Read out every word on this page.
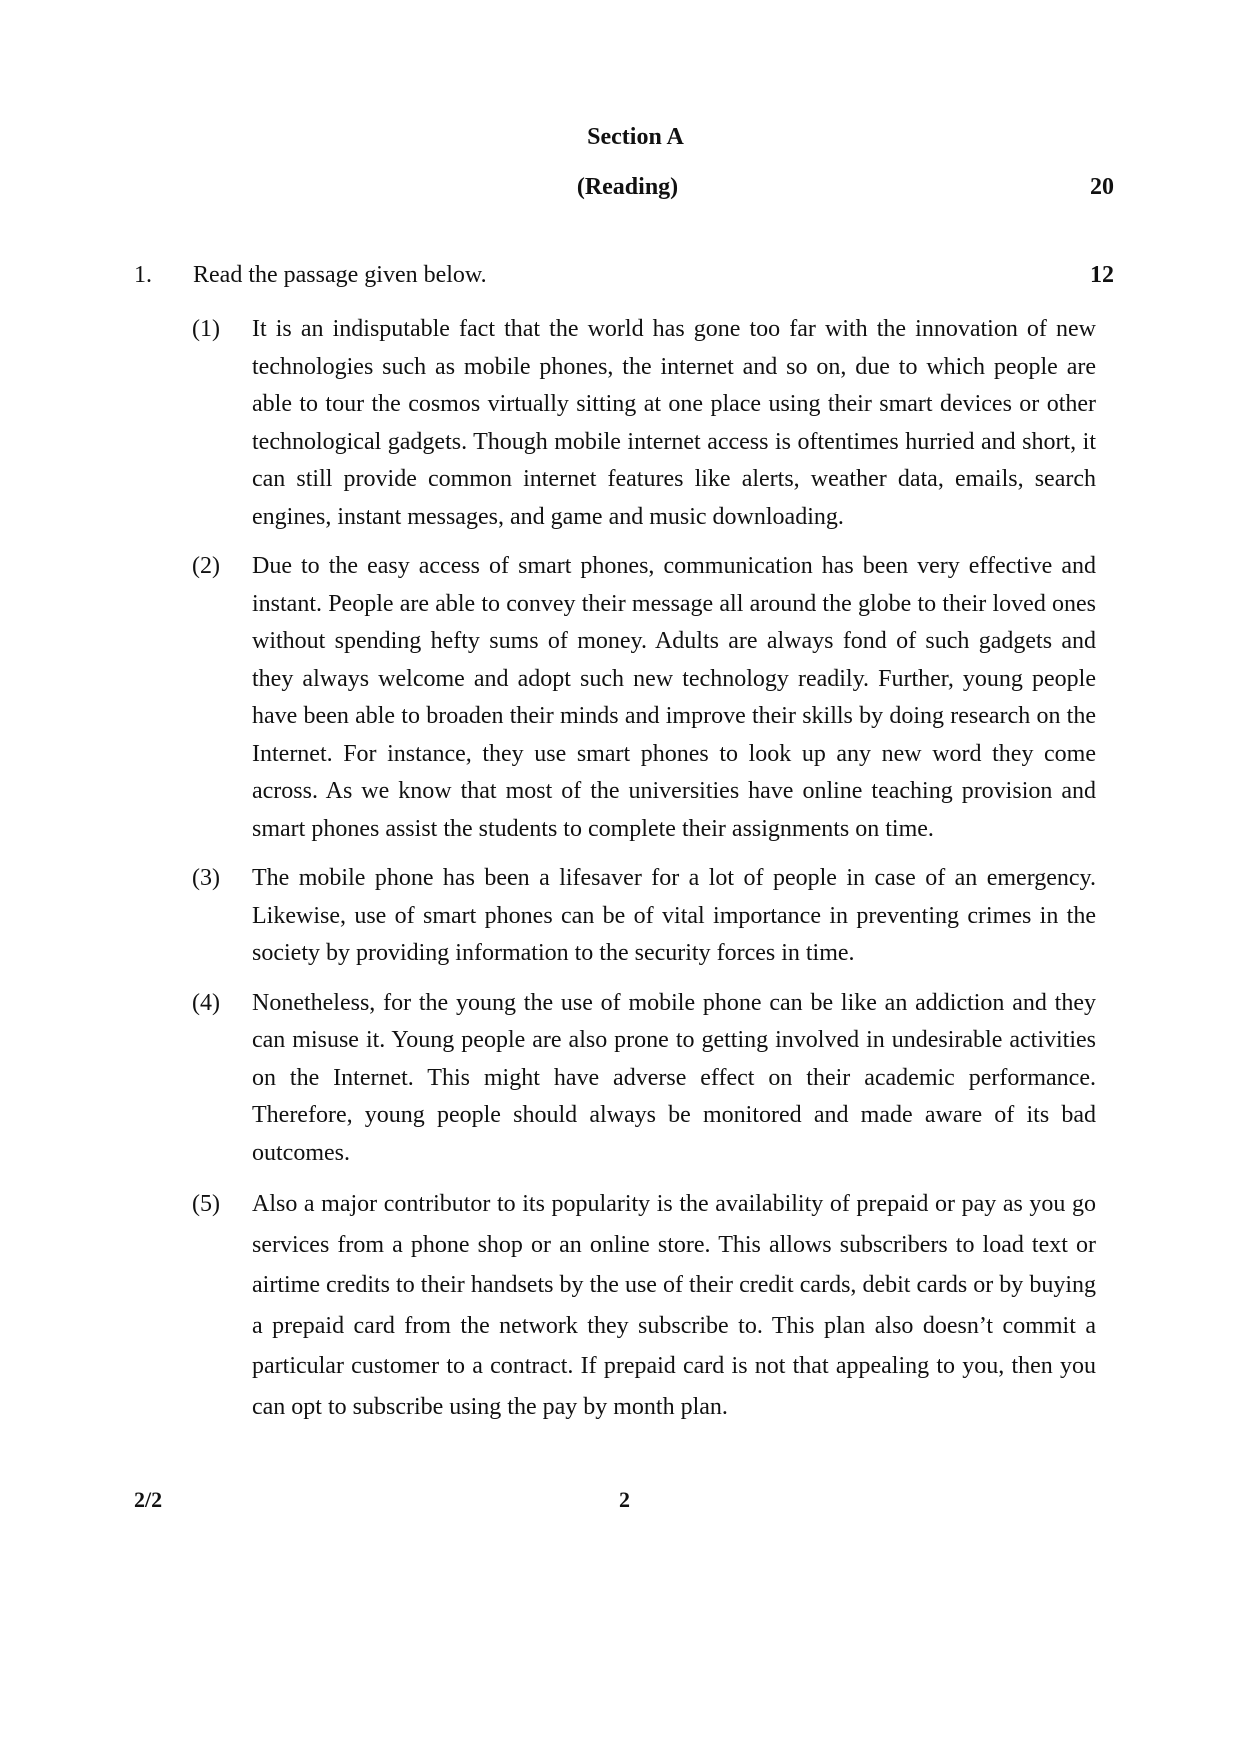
Section A
(Reading)	20
1. Read the passage given below.	12
(1)	It is an indisputable fact that the world has gone too far with the innovation of new technologies such as mobile phones, the internet and so on, due to which people are able to tour the cosmos virtually sitting at one place using their smart devices or other technological gadgets. Though mobile internet access is oftentimes hurried and short, it can still provide common internet features like alerts, weather data, emails, search engines, instant messages, and game and music downloading.
(2)	Due to the easy access of smart phones, communication has been very effective and instant. People are able to convey their message all around the globe to their loved ones without spending hefty sums of money. Adults are always fond of such gadgets and they always welcome and adopt such new technology readily. Further, young people have been able to broaden their minds and improve their skills by doing research on the Internet. For instance, they use smart phones to look up any new word they come across. As we know that most of the universities have online teaching provision and smart phones assist the students to complete their assignments on time.
(3)	The mobile phone has been a lifesaver for a lot of people in case of an emergency. Likewise, use of smart phones can be of vital importance in preventing crimes in the society by providing information to the security forces in time.
(4)	Nonetheless, for the young the use of mobile phone can be like an addiction and they can misuse it. Young people are also prone to getting involved in undesirable activities on the Internet. This might have adverse effect on their academic performance. Therefore, young people should always be monitored and made aware of its bad outcomes.
(5)	Also a major contributor to its popularity is the availability of prepaid or pay as you go services from a phone shop or an online store. This allows subscribers to load text or airtime credits to their handsets by the use of their credit cards, debit cards or by buying a prepaid card from the network they subscribe to. This plan also doesn’t commit a particular customer to a contract. If prepaid card is not that appealing to you, then you can opt to subscribe using the pay by month plan.
2/2	2
